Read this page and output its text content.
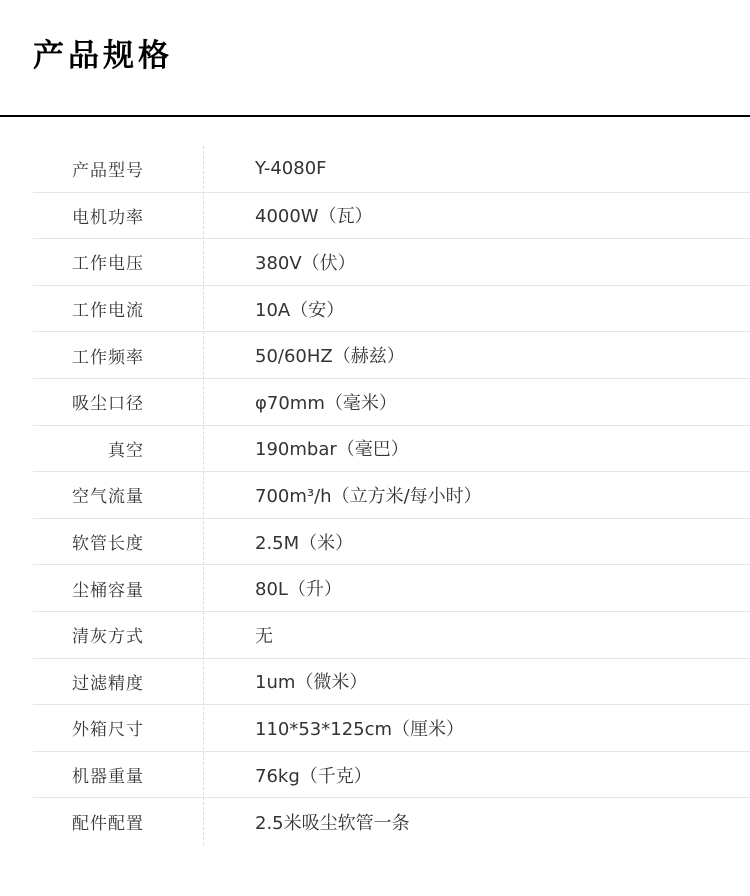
产品规格
产品型号	Y-4080F
电机功率	4000W（瓦）
工作电压	380V（伏）
工作电流	10A（安）
工作频率	50/60HZ（赫兹）
吸尘口径	φ70mm（毫米）
真空	190mbar（毫巴）
空气流量	700m³/h（立方米/每小时）
软管长度	2.5M（米）
尘桶容量	80L（升）
清灰方式	无
过滤精度	1um（微米）
外箱尺寸	110*53*125cm（厘米）
机器重量	76kg（千克）
配件配置	2.5米吸尘软管一条
